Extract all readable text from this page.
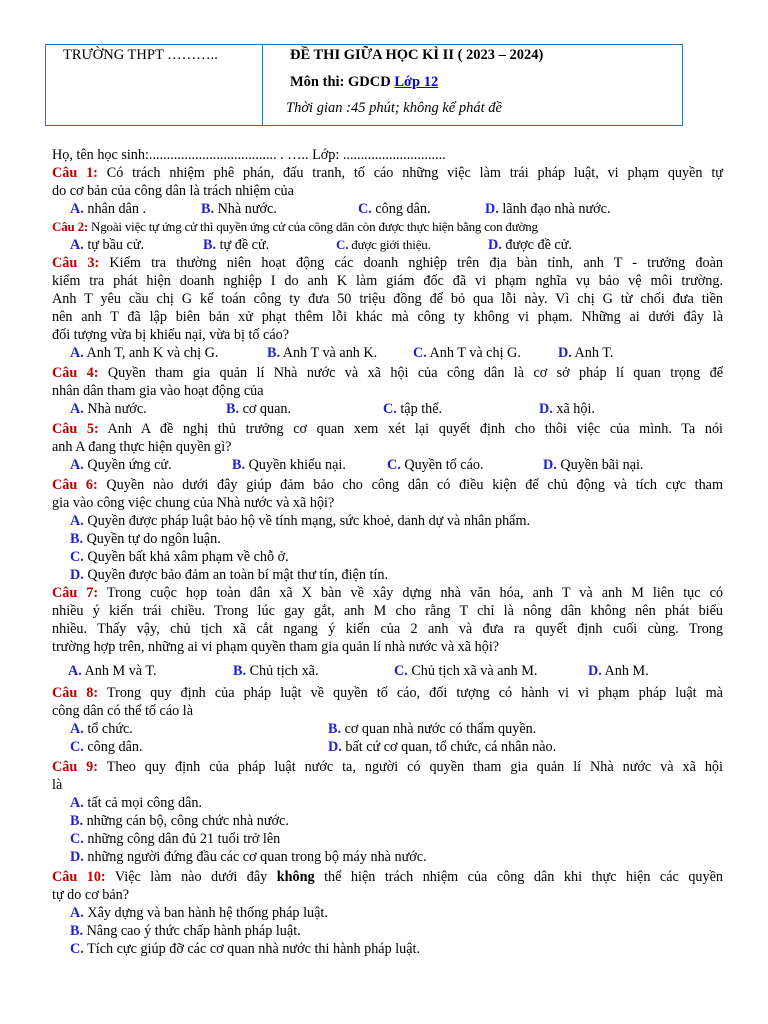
TRƯỜNG THPT ………..	ĐỀ THI GIỮA HỌC KÌ II ( 2023 – 2024)
Môn thi: GDCD Lớp 12
Thời gian :45 phút; không kể phát đề
Họ, tên học sinh:.................................... . ….. Lớp: .............................
Câu 1: Có trách nhiệm phê phán, đấu tranh, tố cáo những việc làm trái pháp luật, vi phạm quyền tự
do cơ bản của công dân là trách nhiệm của
A. nhân dân .	B. Nhà nước.	C. công dân.	D. lãnh đạo nhà nước.
Câu 2: Ngoài việc tự ứng cử thì quyền ứng cử của công dân còn được thực hiện bằng con đường
A. tự bầu cử.	B. tự đề cử.	C. được giới thiệu.	D. được đề cử.
Câu 3: Kiểm tra thường niên hoạt động các doanh nghiệp trên địa bàn tỉnh, anh T - trưởng đoàn
kiểm tra phát hiện doanh nghiệp I do anh K làm giám đốc đã vi phạm nghĩa vụ bảo vệ môi trường.
Anh T yêu cầu chị G kế toán công ty đưa 50 triệu đồng để bỏ qua lỗi này. Vì chị G từ chối đưa tiền
nên anh T đã lập biên bản xử phạt thêm lỗi khác mà công ty không vi phạm. Những ai dưới đây là
đối tượng vừa bị khiếu nại, vừa bị tố cáo?
A. Anh T, anh K và chị G.	B. Anh T và anh K.	C. Anh T và chị G.	D. Anh T.
Câu 4: Quyền tham gia quản lí Nhà nước và xã hội của công dân là cơ sở pháp lí quan trọng để
nhân dân tham gia vào hoạt động của
A. Nhà nước.	B. cơ quan.	C. tập thể.	D. xã hội.
Câu 5: Anh A đề nghị thủ trưởng cơ quan xem xét lại quyết định cho thôi việc của mình. Ta nói
anh A đang thực hiện quyền gì?
A. Quyền ứng cử.	B. Quyền khiếu nại.	C. Quyền tố cáo.	D. Quyền bãi nại.
Câu 6: Quyền nào dưới đây giúp đảm bảo cho công dân có điều kiện để chủ động và tích cực tham
gia vào công việc chung của Nhà nước và xã hội?
A. Quyền được pháp luật bảo hộ về tính mạng, sức khoẻ, danh dự và nhân phẩm.
B. Quyền tự do ngôn luận.
C. Quyền bất khả xâm phạm về chỗ ở.
D. Quyền được bảo đảm an toàn bí mật thư tín, điện tín.
Câu 7: Trong cuộc họp toàn dân xã X bàn về xây dựng nhà văn hóa, anh T và anh M liên tục có
nhiều ý kiến trái chiều. Trong lúc gay gắt, anh M cho rằng T chỉ là nông dân không nên phát biểu
nhiều. Thấy vậy, chủ tịch xã cắt ngang ý kiến của 2 anh và đưa ra quyết định cuối cùng. Trong
trường hợp trên, những ai vi phạm quyền tham gia quản lí nhà nước và xã hội?
A. Anh M và T.	B. Chủ tịch xã.	C. Chủ tịch xã và anh M.	D. Anh M.
Câu 8: Trong quy định của pháp luật về quyền tố cáo, đối tượng có hành vi vi phạm pháp luật mà
công dân có thể tố cáo là
A. tổ chức.	B. cơ quan nhà nước có thẩm quyền.
C. công dân.	D. bất cứ cơ quan, tổ chức, cá nhân nào.
Câu 9: Theo quy định của pháp luật nước ta, người có quyền tham gia quản lí Nhà nước và xã hội
là
A. tất cả mọi công dân.
B. những cán bộ, công chức nhà nước.
C. những công dân đủ 21 tuổi trở lên
D. những người đứng đầu các cơ quan trong bộ máy nhà nước.
Câu 10: Việc làm nào dưới đây không thể hiện trách nhiệm của công dân khi thực hiện các quyền
tự do cơ bản?
A. Xây dựng và ban hành hệ thống pháp luật.
B. Nâng cao ý thức chấp hành pháp luật.
C. Tích cực giúp đỡ các cơ quan nhà nước thi hành pháp luật.
